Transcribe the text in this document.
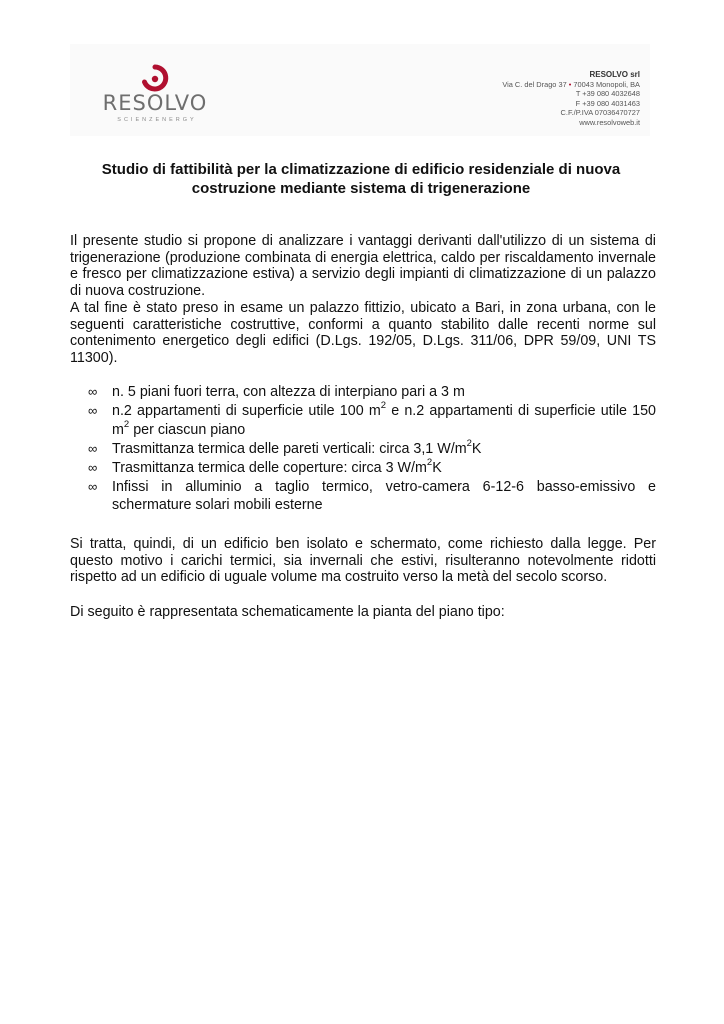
RESOLVO
SCIENZENERGY
RESOLVO srl
Via C. del Drago 37 • 70043 Monopoli, BA
T +39 080 4032648
F +39 080 4031463
C.F./P.IVA 07036470727
www.resolvoweb.it
Studio di fattibilità per la climatizzazione di edificio residenziale di nuova
costruzione mediante sistema di trigenerazione
Il presente studio si propone di analizzare i vantaggi derivanti dall'utilizzo di un sistema di trigenerazione (produzione combinata di energia elettrica, caldo per riscaldamento invernale e fresco per climatizzazione estiva) a servizio degli impianti di climatizzazione di un palazzo di nuova costruzione.
A tal fine è stato preso in esame un palazzo fittizio, ubicato a Bari, in zona urbana, con le seguenti caratteristiche costruttive, conformi a quanto stabilito dalle recenti norme sul contenimento energetico degli edifici (D.Lgs. 192/05, D.Lgs. 311/06, DPR 59/09, UNI TS 11300).
∞ n. 5 piani fuori terra, con altezza di interpiano pari a 3 m
∞ n.2 appartamenti di superficie utile 100 $m^2$ e n.2 appartamenti di superficie utile 150 $m^2$ per ciascun piano
∞ Trasmittanza termica delle pareti verticali: circa 3,1 $W/m^2K$
∞ Trasmittanza termica delle coperture: circa 3 $W/m^2K$
∞ Infissi in alluminio a taglio termico, vetro-camera 6-12-6 basso-emissivo e schermature solari mobili esterne
Si tratta, quindi, di un edificio ben isolato e schermato, come richiesto dalla legge. Per questo motivo i carichi termici, sia invernali che estivi, risulteranno notevolmente ridotti rispetto ad un edificio di uguale volume ma costruito verso la metà del secolo scorso.
Di seguito è rappresentata schematicamente la pianta del piano tipo:
